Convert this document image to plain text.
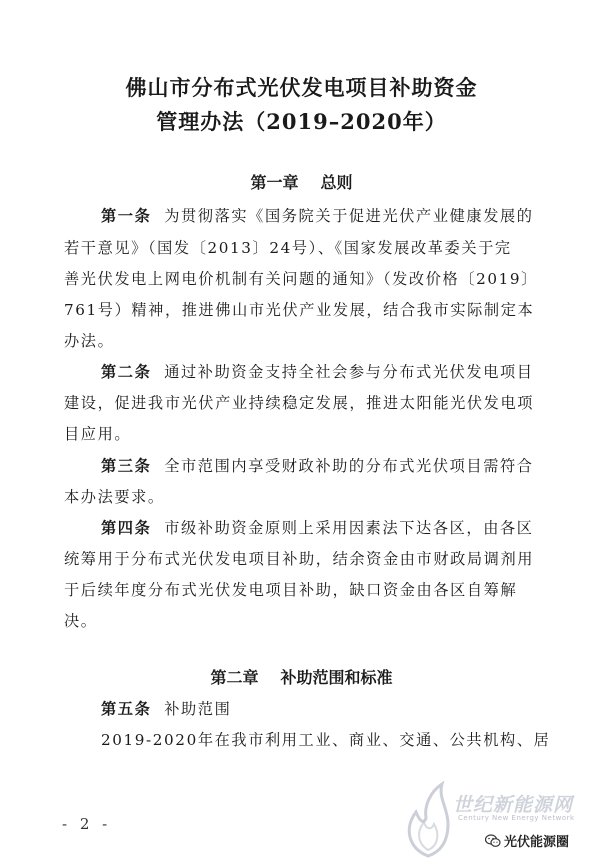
佛山市分布式光伏发电项目补助资金
管理办法（2019–2020年）
第一章 总则
第一条 为贯彻落实《国务院关于促进光伏产业健康发展的
若干意见》（国发〔2013〕24号）、《国家发展改革委关于完
善光伏发电上网电价机制有关问题的通知》（发改价格〔2019〕
761号）精神，推进佛山市光伏产业发展，结合我市实际制定本
办法。
第二条 通过补助资金支持全社会参与分布式光伏发电项目
建设，促进我市光伏产业持续稳定发展，推进太阳能光伏发电项
目应用。
第三条 全市范围内享受财政补助的分布式光伏项目需符合
本办法要求。
第四条 市级补助资金原则上采用因素法下达各区，由各区
统筹用于分布式光伏发电项目补助，结余资金由市财政局调剂用
于后续年度分布式光伏发电项目补助，缺口资金由各区自筹解
决。
第二章 补助范围和标准
第五条 补助范围
2019-2020年在我市利用工业、商业、交通、公共机构、居
- 2 -
世纪新能源网
Century New Energy Network
光伏能源圈
